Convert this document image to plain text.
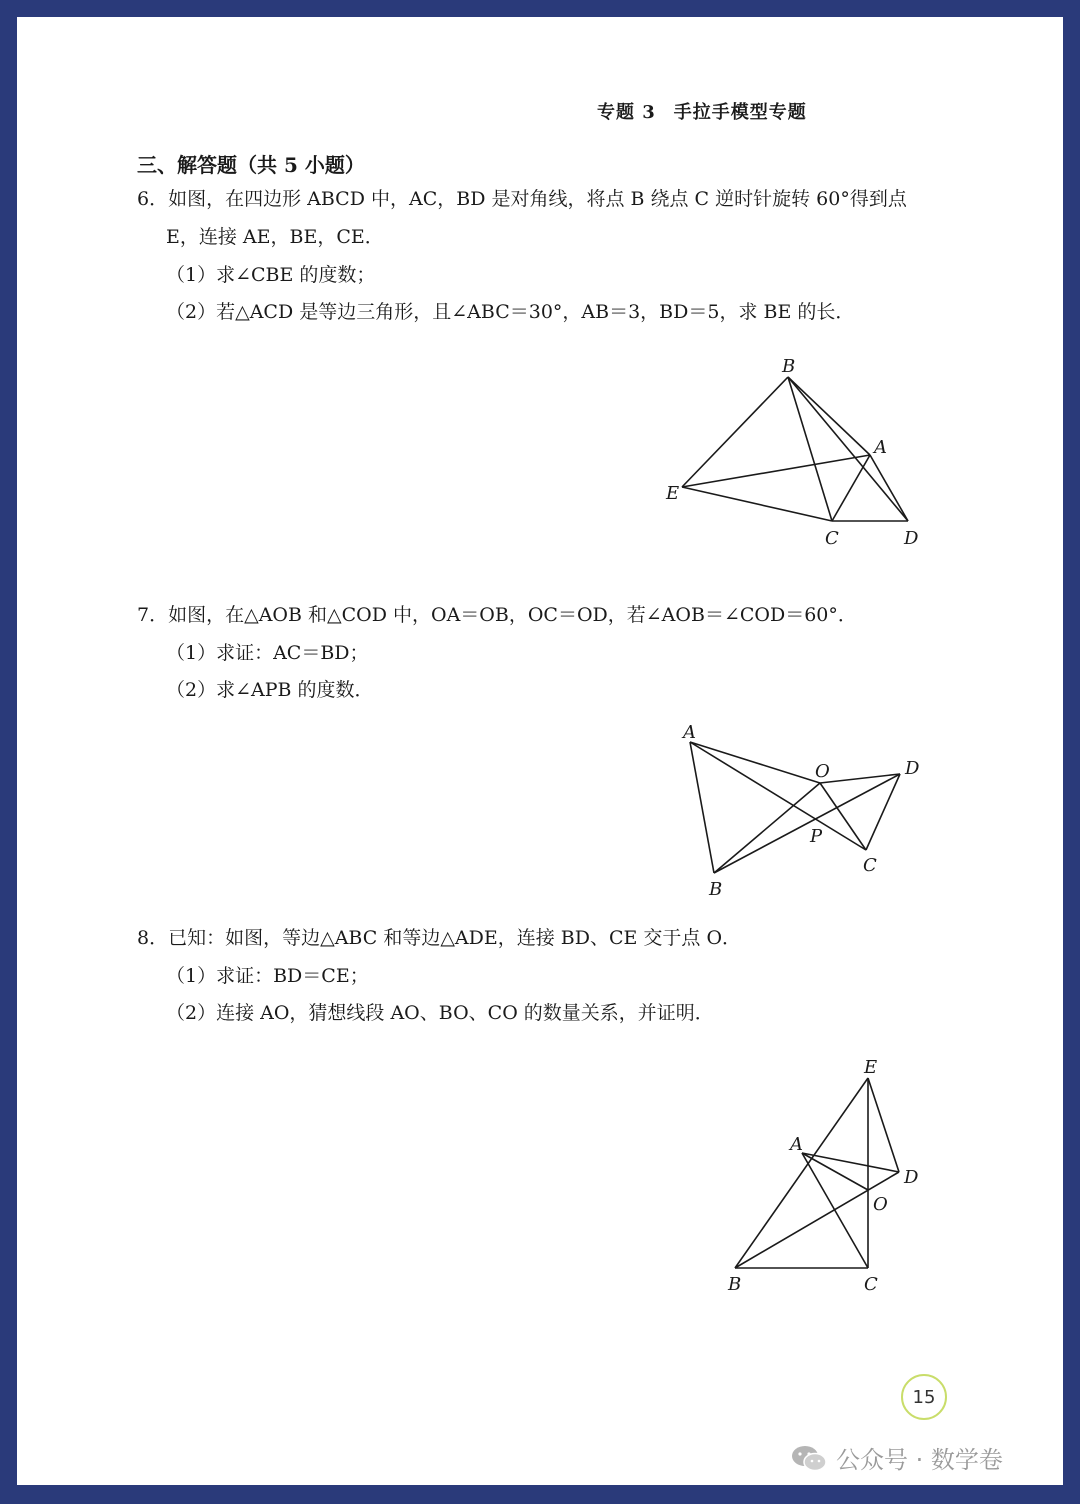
专题 3 手拉手模型专题
三、解答题（共 5 小题）
6．如图，在四边形 ABCD 中，AC，BD 是对角线，将点 B 绕点 C 逆时针旋转 60°得到点
E，连接 AE，BE，CE．
（1）求∠CBE 的度数；
（2）若△ACD 是等边三角形，且∠ABC＝30°，AB＝3，BD＝5，求 BE 的长．
B
A
E
C	D
7．如图，在△AOB 和△COD 中，OA＝OB，OC＝OD，若∠AOB＝∠COD＝60°．
（1）求证：AC＝BD；
（2）求∠APB 的度数．
A
O	D
P
C
B
8．已知：如图，等边△ABC 和等边△ADE，连接 BD、CE 交于点 O．
（1）求证：BD＝CE；
（2）连接 AO，猜想线段 AO、BO、CO 的数量关系，并证明．
E
A
D
O
B	C
15
公众号 · 数学卷
